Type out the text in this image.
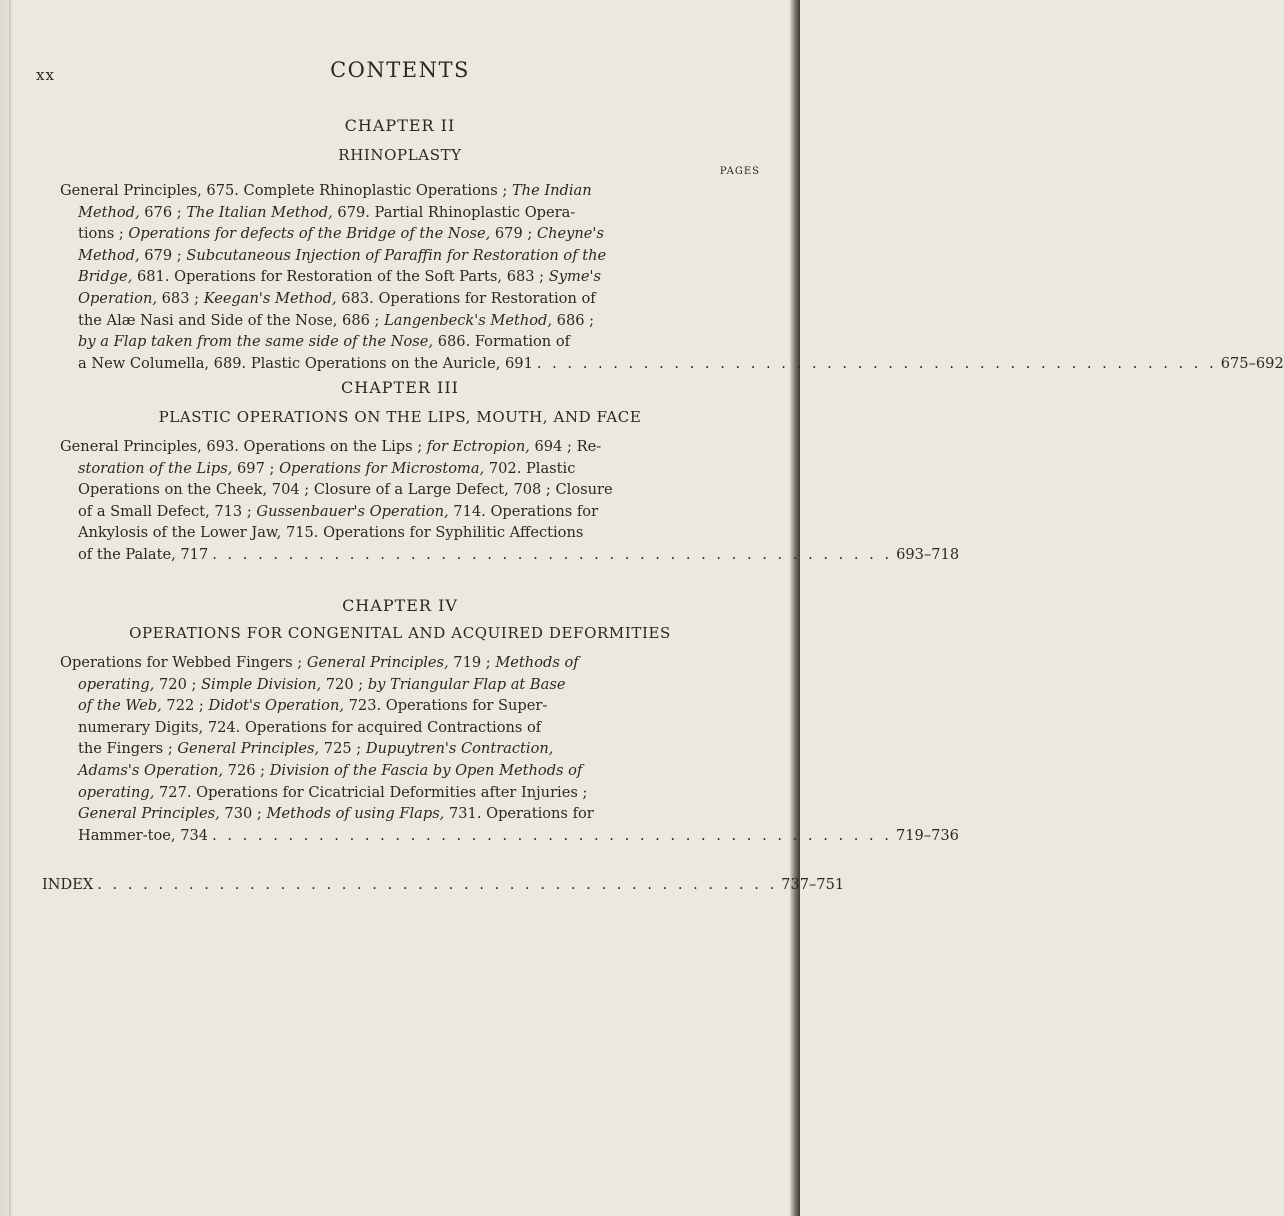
xx	CONTENTS
CHAPTER II
RHINOPLASTY
PAGES
General Principles, 675. Complete Rhinoplastic Operations ; The Indian
Method, 676 ; The Italian Method, 679. Partial Rhinoplastic Opera-
tions ; Operations for defects of the Bridge of the Nose, 679 ; Cheyne's
Method, 679 ; Subcutaneous Injection of Paraffin for Restoration of the
Bridge, 681. Operations for Restoration of the Soft Parts, 683 ; Syme's
Operation, 683 ; Keegan's Method, 683. Operations for Restoration of
the Alæ Nasi and Side of the Nose, 686 ; Langenbeck's Method, 686 ;
by a Flap taken from the same side of the Nose, 686. Formation of
a New Columella, 689. Plastic Operations on the Auricle, 691 . . . . . . . . . . . . . . . . . . . . . . . . . . . . . . . . . . . . . . . . . . . . . 675–692
CHAPTER III
PLASTIC OPERATIONS ON THE LIPS, MOUTH, AND FACE
General Principles, 693. Operations on the Lips ; for Ectropion, 694 ; Re-
storation of the Lips, 697 ; Operations for Microstoma, 702. Plastic
Operations on the Cheek, 704 ; Closure of a Large Defect, 708 ; Closure
of a Small Defect, 713 ; Gussenbauer's Operation, 714. Operations for
Ankylosis of the Lower Jaw, 715. Operations for Syphilitic Affections
of the Palate, 717 . . . . . . . . . . . . . . . . . . . . . . . . . . . . . . . . . . . . . . . . . . . . . 693–718
CHAPTER IV
OPERATIONS FOR CONGENITAL AND ACQUIRED DEFORMITIES
Operations for Webbed Fingers ; General Principles, 719 ; Methods of
operating, 720 ; Simple Division, 720 ; by Triangular Flap at Base
of the Web, 722 ; Didot's Operation, 723. Operations for Super-
numerary Digits, 724. Operations for acquired Contractions of
the Fingers ; General Principles, 725 ; Dupuytren's Contraction,
Adams's Operation, 726 ; Division of the Fascia by Open Methods of
operating, 727. Operations for Cicatricial Deformities after Injuries ;
General Principles, 730 ; Methods of using Flaps, 731. Operations for
Hammer-toe, 734 . . . . . . . . . . . . . . . . . . . . . . . . . . . . . . . . . . . . . . . . . . . . . 719–736
INDEX . . . . . . . . . . . . . . . . . . . . . . . . . . . . . . . . . . . . . . . . . . . . . 737–751
